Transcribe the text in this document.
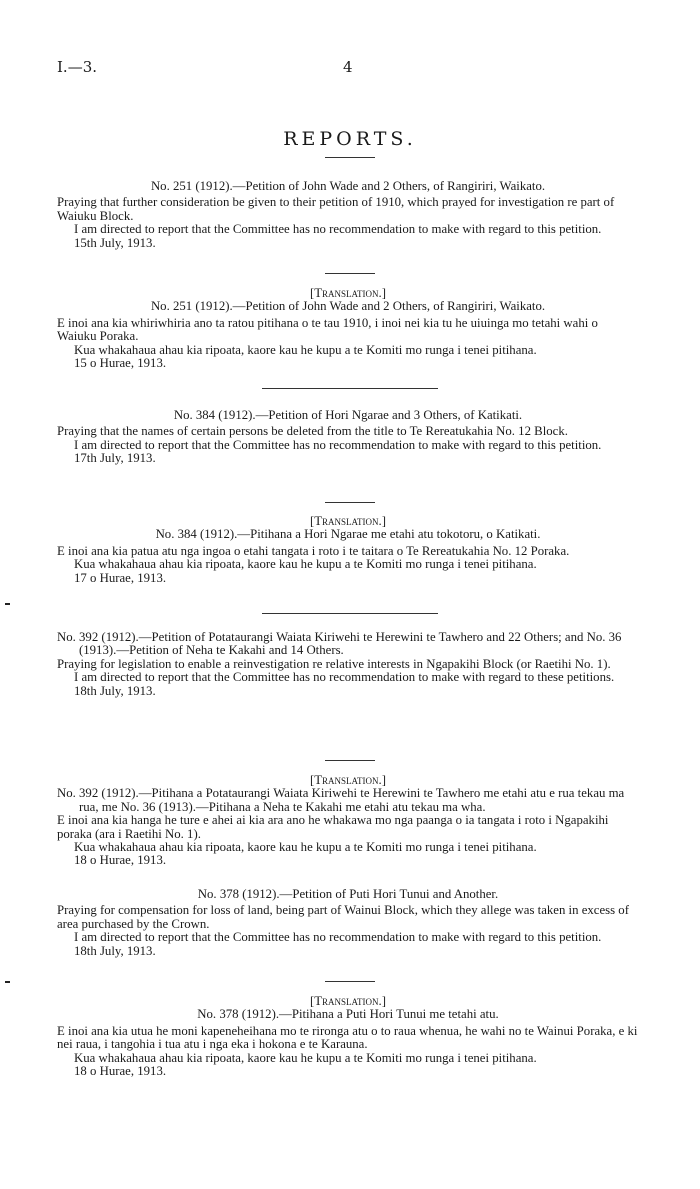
I.—3.	4
REPORTS.

No. 251 (1912).—Petition of John Wade and 2 Others, of Rangiriri, Waikato.

Praying that further consideration be given to their petition of 1910, which prayed for investigation re part of Waiuku Block.

I am directed to report that the Committee has no recommendation to make with regard to this petition.

15th July, 1913.

[Translation.]

No. 251 (1912).—Petition of John Wade and 2 Others, of Rangiriri, Waikato.

E inoi ana kia whiriwhiria ano ta ratou pitihana o te tau 1910, i inoi nei kia tu he uiuinga mo tetahi wahi o Waiuku Poraka.

Kua whakahaua ahau kia ripoata, kaore kau he kupu a te Komiti mo runga i tenei pitihana.

15 o Hurae, 1913.

No. 384 (1912).—Petition of Hori Ngarae and 3 Others, of Katikati.

Praying that the names of certain persons be deleted from the title to Te Rereatukahia No. 12 Block.

I am directed to report that the Committee has no recommendation to make with regard to this petition.

17th July, 1913.

[Translation.]

No. 384 (1912).—Pitihana a Hori Ngarae me etahi atu tokotoru, o Katikati.

E inoi ana kia patua atu nga ingoa o etahi tangata i roto i te taitara o Te Rereatukahia No. 12 Poraka.

Kua whakahaua ahau kia ripoata, kaore kau he kupu a te Komiti mo runga i tenei pitihana.

17 o Hurae, 1913.

No. 392 (1912).—Petition of Potataurangi Waiata Kiriwehi te Herewini te Tawhero and 22 Others; and No. 36 (1913).—Petition of Neha te Kakahi and 14 Others.

Praying for legislation to enable a reinvestigation re relative interests in Ngapakihi Block (or Raetihi No. 1).

I am directed to report that the Committee has no recommendation to make with regard to these petitions.

18th July, 1913.

[Translation.]

No. 392 (1912).—Pitihana a Potataurangi Waiata Kiriwehi te Herewini te Tawhero me etahi atu e rua tekau ma rua, me No. 36 (1913).—Pitihana a Neha te Kakahi me etahi atu tekau ma wha.

E inoi ana kia hanga he ture e ahei ai kia ara ano he whakawa mo nga paanga o ia tangata i roto i Ngapakihi poraka (ara i Raetihi No. 1).

Kua whakahaua ahau kia ripoata, kaore kau he kupu a te Komiti mo runga i tenei pitihana.

18 o Hurae, 1913.

No. 378 (1912).—Petition of Puti Hori Tunui and Another.

Praying for compensation for loss of land, being part of Wainui Block, which they allege was taken in excess of area purchased by the Crown.

I am directed to report that the Committee has no recommendation to make with regard to this petition.

18th July, 1913.

[Translation.]

No. 378 (1912).—Pitihana a Puti Hori Tunui me tetahi atu.

E inoi ana kia utua he moni kapeneheihana mo te rironga atu o to raua whenua, he wahi no te Wainui Poraka, e ki nei raua, i tangohia i tua atu i nga eka i hokona e te Karauna.

Kua whakahaua ahau kia ripoata, kaore kau he kupu a te Komiti mo runga i tenei pitihana.

18 o Hurae, 1913.
